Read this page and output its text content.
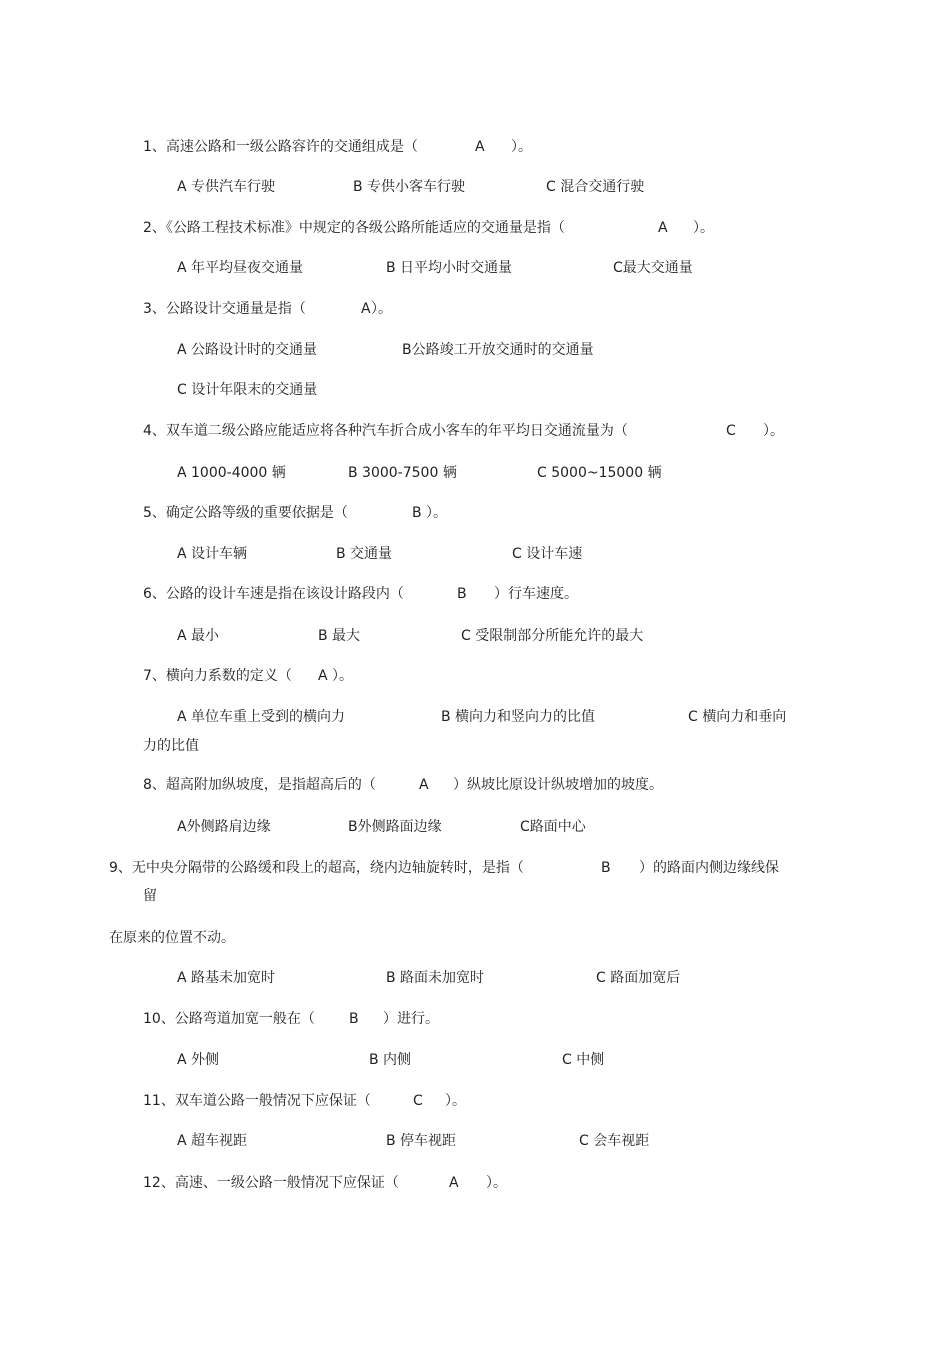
1、高速公路和一级公路容许的交通组成是（	A ）。
A 专供汽车行驶	B 专供小客车行驶	C 混合交通行驶
2、《公路工程技术标准》中规定的各级公路所能适应的交通量是指（	A ）。
A 年平均昼夜交通量	B 日平均小时交通量	C最大交通量
3、公路设计交通量是指（	A ）。
A 公路设计时的交通量	B公路竣工开放交通时的交通量
C 设计年限末的交通量
4、双车道二级公路应能适应将各种汽车折合成小客车的年平均日交通流量为（	C ）。
A 1000-4000 辆	B 3000-7500 辆	C 5000~15000 辆
5、确定公路等级的重要依据是（	B ）。
A 设计车辆	B 交通量	C 设计车速
6、公路的设计车速是指在该设计路段内（	B ）行车速度。
A 最小	B 最大	C 受限制部分所能允许的最大
7、横向力系数的定义（ A ）。
A 单位车重上受到的横向力	B 横向力和竖向力的比值	C 横向力和垂向
力的比值
8、超高附加纵坡度，是指超高后的（	A ）纵坡比原设计纵坡增加的坡度。
A外侧路肩边缘	B外侧路面边缘	C路面中心
9、无中央分隔带的公路缓和段上的超高，绕内边轴旋转时，是指（	B ）的路面内侧边缘线保
留
在原来的位置不动。
A 路基未加宽时	B 路面未加宽时	C 路面加宽后
10、公路弯道加宽一般在（ B ）进行。
A 外侧	B 内侧	C 中侧
11、双车道公路一般情况下应保证（	C ）。
A 超车视距	B 停车视距	C 会车视距
12、高速、一级公路一般情况下应保证（	A ）。
